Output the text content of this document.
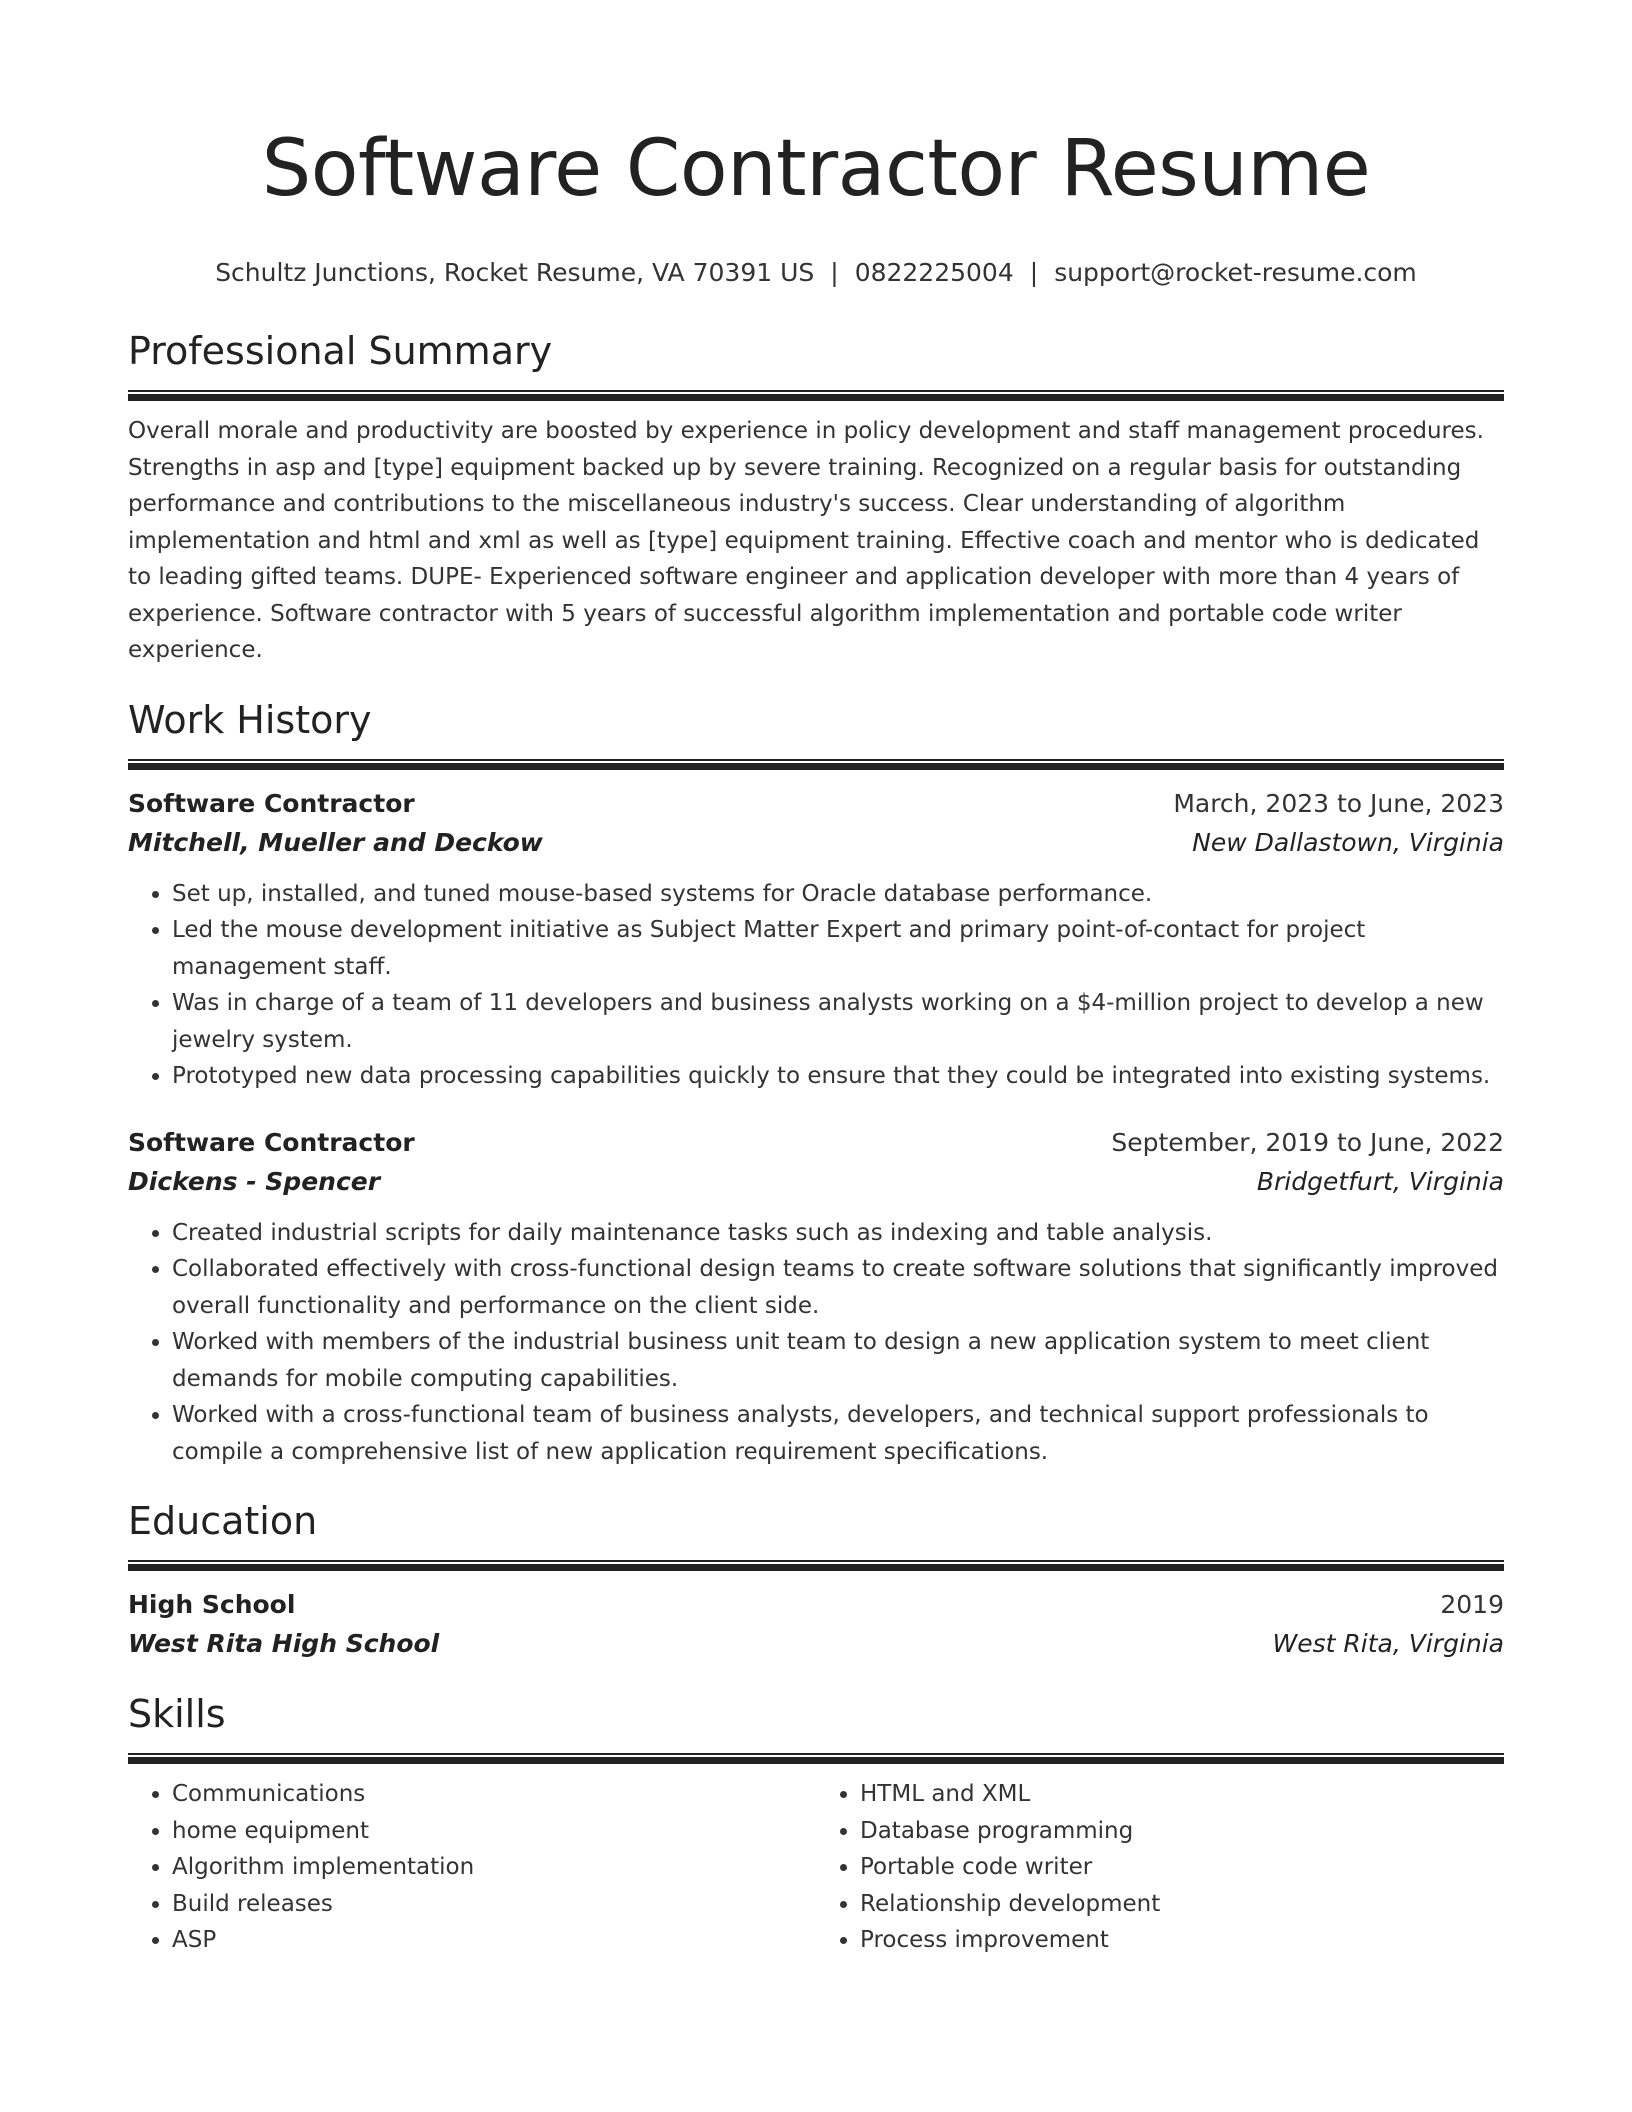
Software Contractor Resume
Schultz Junctions, Rocket Resume, VA 70391 US | 0822225004 | support@rocket-resume.com
Professional Summary
Overall morale and productivity are boosted by experience in policy development and staff management procedures. Strengths in asp and [type] equipment backed up by severe training. Recognized on a regular basis for outstanding performance and contributions to the miscellaneous industry's success. Clear understanding of algorithm implementation and html and xml as well as [type] equipment training. Effective coach and mentor who is dedicated to leading gifted teams. DUPE- Experienced software engineer and application developer with more than 4 years of experience. Software contractor with 5 years of successful algorithm implementation and portable code writer experience.
Work History
Software Contractor	March, 2023 to June, 2023
Mitchell, Mueller and Deckow	New Dallastown, Virginia
• Set up, installed, and tuned mouse-based systems for Oracle database performance.
• Led the mouse development initiative as Subject Matter Expert and primary point-of-contact for project management staff.
• Was in charge of a team of 11 developers and business analysts working on a $4-million project to develop a new jewelry system.
• Prototyped new data processing capabilities quickly to ensure that they could be integrated into existing systems.
Software Contractor	September, 2019 to June, 2022
Dickens - Spencer	Bridgetfurt, Virginia
• Created industrial scripts for daily maintenance tasks such as indexing and table analysis.
• Collaborated effectively with cross-functional design teams to create software solutions that significantly improved overall functionality and performance on the client side.
• Worked with members of the industrial business unit team to design a new application system to meet client demands for mobile computing capabilities.
• Worked with a cross-functional team of business analysts, developers, and technical support professionals to compile a comprehensive list of new application requirement specifications.
Education
High School	2019
West Rita High School	West Rita, Virginia
Skills
• Communications
• home equipment
• Algorithm implementation
• Build releases
• ASP
• HTML and XML
• Database programming
• Portable code writer
• Relationship development
• Process improvement
